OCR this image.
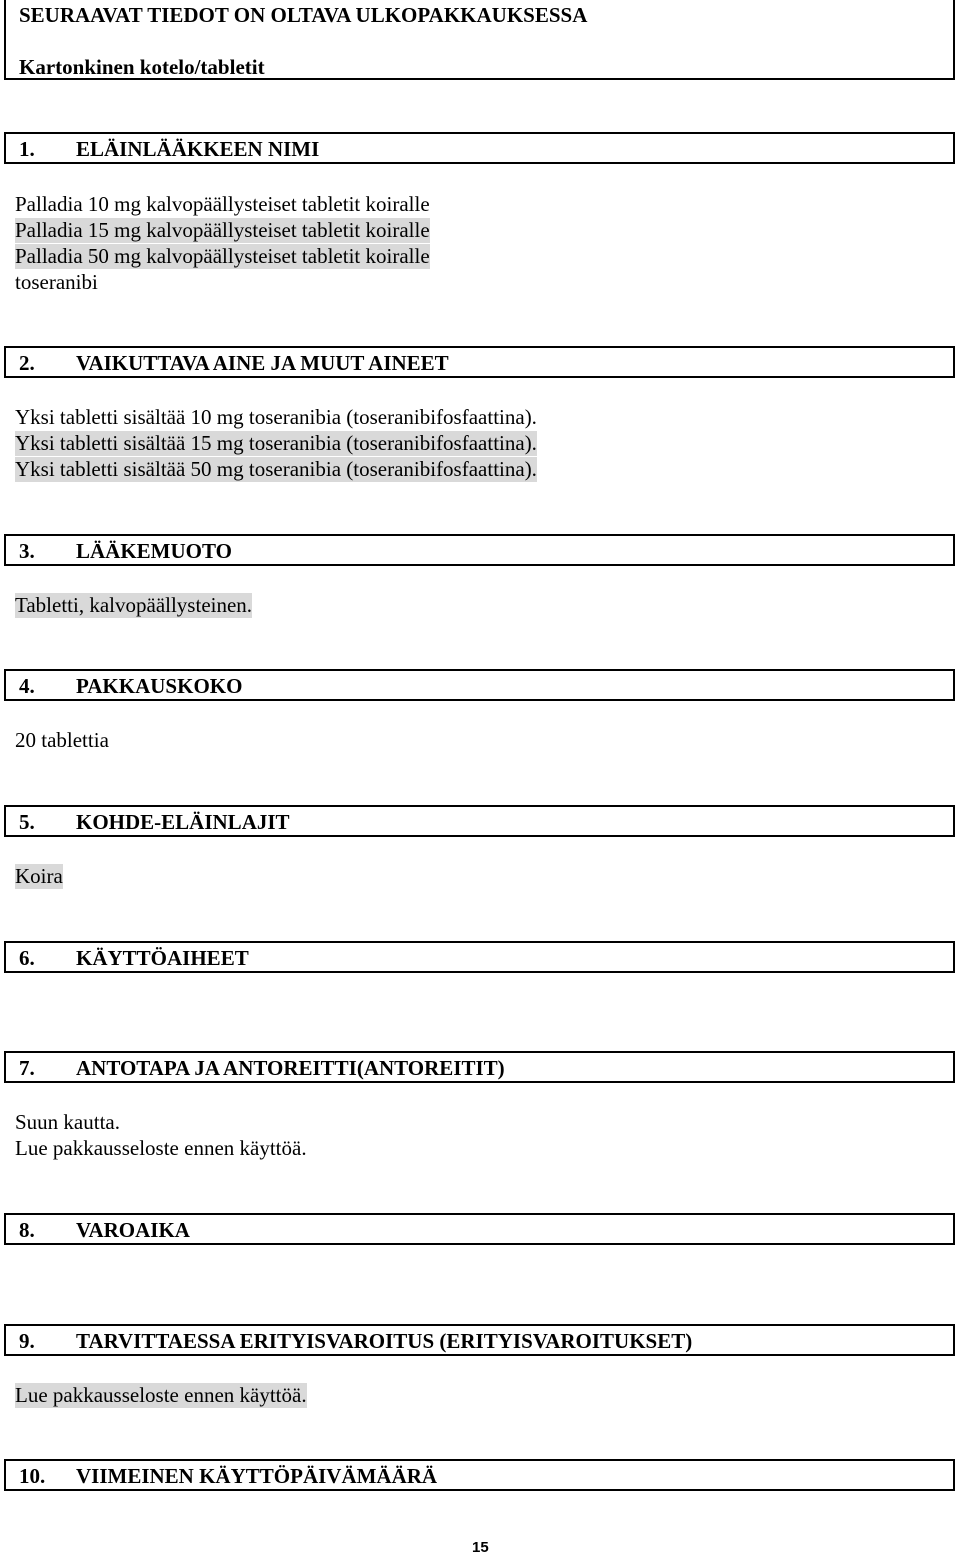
SEURAAVAT TIEDOT ON OLTAVA ULKOPAKKAUKSESSA
Kartonkinen kotelo/tabletit
1. ELÄINLÄÄKKEEN NIMI
Palladia 10 mg kalvopäällysteiset tabletit koiralle
Palladia 15 mg kalvopäällysteiset tabletit koiralle
Palladia 50 mg kalvopäällysteiset tabletit koiralle
toseranibi
2. VAIKUTTAVA AINE JA MUUT AINEET
Yksi tabletti sisältää 10 mg toseranibia (toseranibifosfaattina).
Yksi tabletti sisältää 15 mg toseranibia (toseranibifosfaattina).
Yksi tabletti sisältää 50 mg toseranibia (toseranibifosfaattina).
3. LÄÄKEMUOTO
Tabletti, kalvopäällysteinen.
4. PAKKAUSKOKO
20 tablettia
5. KOHDE-ELÄINLAJIT
Koira
6. KÄYTTÖAIHEET
7. ANTOTAPA JA ANTOREITTI(ANTOREITIT)
Suun kautta.
Lue pakkausseloste ennen käyttöä.
8. VAROAIKA
9. TARVITTAESSA ERITYISVAROITUS (ERITYISVAROITUKSET)
Lue pakkausseloste ennen käyttöä.
10. VIIMEINEN KÄYTTÖPÄIVÄMÄÄRÄ
15
